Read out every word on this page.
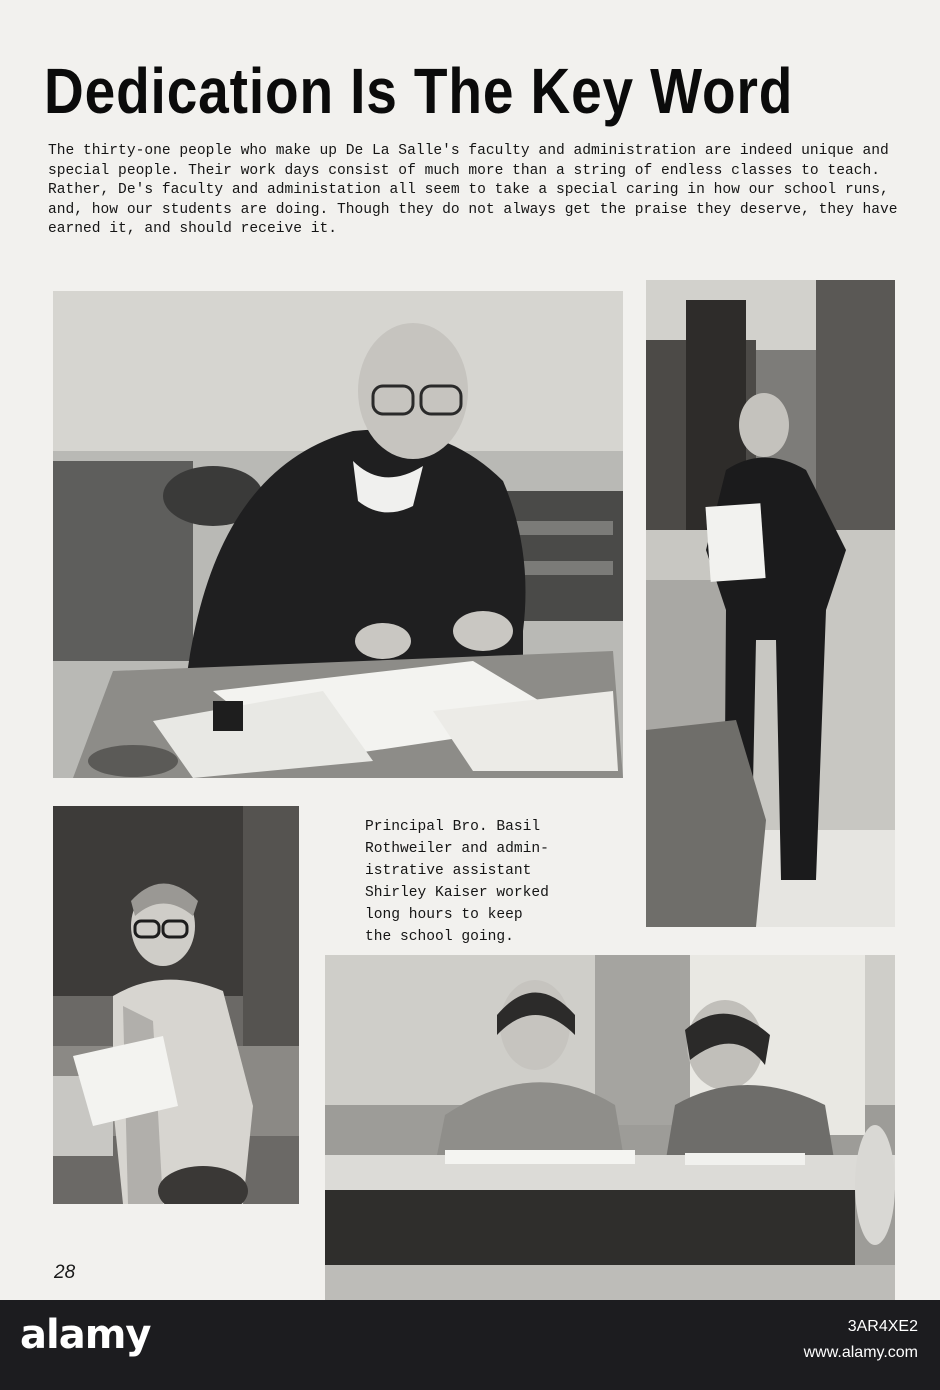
Dedication Is The Key Word

The thirty-one people who make up De La Salle's faculty and administration are indeed unique and special people. Their work days consist of much more than a string of endless classes to teach. Rather, De's faculty and administation all seem to take a special caring in how our school runs, and, how our students are doing. Though they do not always get the praise they deserve, they have earned it, and should receive it.

Principal Bro. Basil
Rothweiler and admin-
istrative assistant
Shirley Kaiser worked
long hours to keep
the school going.

28

alamy	3AR4XE2
www.alamy.com
